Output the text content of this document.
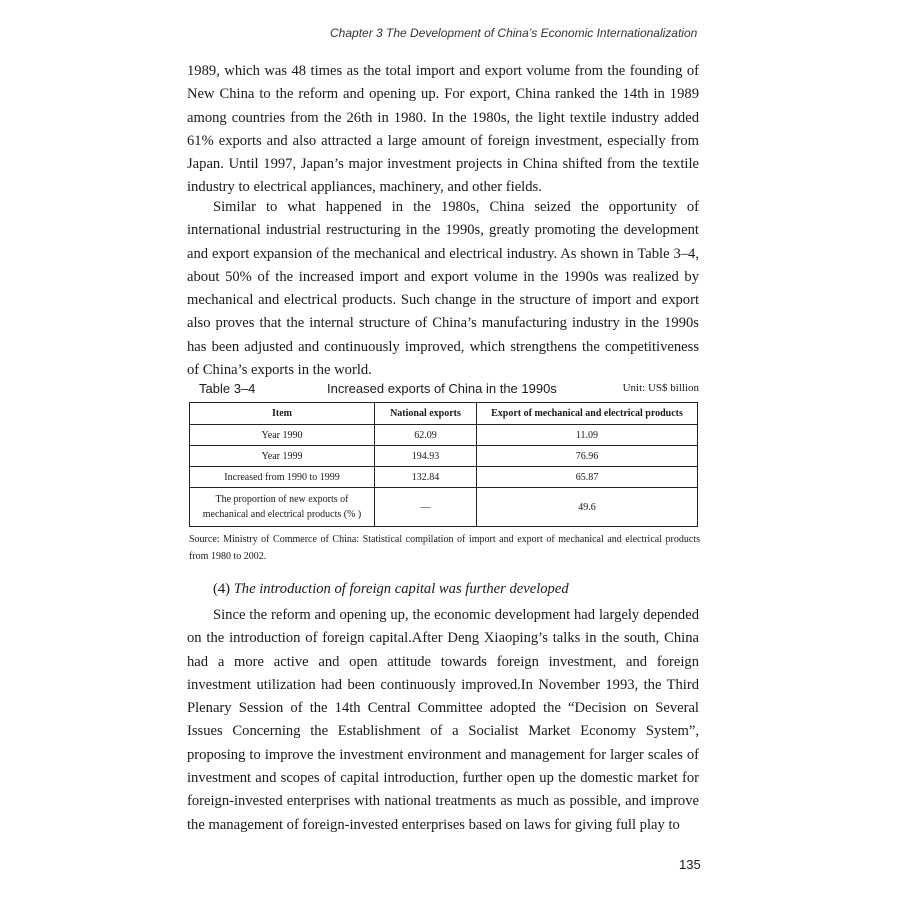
Chapter 3 The Development of China’s Economic Internationalization

1989, which was 48 times as the total import and export volume from the founding of New China to the reform and opening up. For export, China ranked the 14th in 1989 among countries from the 26th in 1980. In the 1980s, the light textile industry added 61% exports and also attracted a large amount of foreign investment, especially from Japan. Until 1997, Japan’s major investment projects in China shifted from the textile industry to electrical appliances, machinery, and other fields.

Similar to what happened in the 1980s, China seized the opportunity of international industrial restructuring in the 1990s, greatly promoting the development and export expansion of the mechanical and electrical industry. As shown in Table 3–4, about 50% of the increased import and export volume in the 1990s was realized by mechanical and electrical products. Such change in the structure of import and export also proves that the internal structure of China’s manufacturing industry in the 1990s has been adjusted and continuously improved, which strengthens the competitiveness of China’s exports in the world.

Table 3–4	Increased exports of China in the 1990s	Unit: US$ billion
Item	National exports	Export of mechanical and electrical products
Year 1990	62.09	11.09
Year 1999	194.93	76.96
Increased from 1990 to 1999	132.84	65.87
The proportion of new exports of
mechanical and electrical products (% )	—	49.6

Source: Ministry of Commerce of China: Statistical compilation of import and export of mechanical and electrical products from 1980 to 2002.

(4) The introduction of foreign capital was further developed

Since the reform and opening up, the economic development had largely depended on the introduction of foreign capital.After Deng Xiaoping’s talks in the south, China had a more active and open attitude towards foreign investment, and foreign investment utilization had been continuously improved.In November 1993, the Third Plenary Session of the 14th Central Committee adopted the “Decision on Several Issues Concerning the Establishment of a Socialist Market Economy System”, proposing to improve the investment environment and management for larger scales of investment and scopes of capital introduction, further open up the domestic market for foreign-invested enterprises with national treatments as much as possible, and improve the management of foreign-invested enterprises based on laws for giving full play to

135
